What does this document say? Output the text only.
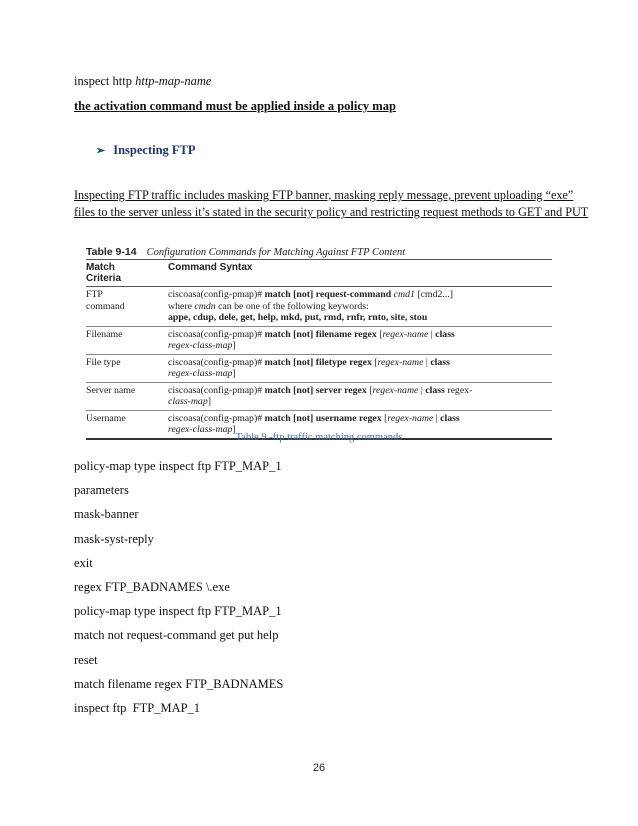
inspect http http-map-name
the activation command must be applied inside a policy map
➢ Inspecting FTP
Inspecting FTP traffic includes masking FTP banner, masking reply message, prevent uploading “exe”
files to the server unless it’s stated in the security policy and restricting request methods to GET and PUT
Table 9-14 Configuration Commands for Matching Against FTP Content
Match
Criteria	Command Syntax
FTP
command	ciscoasa(config-pmap)# match [not] request-command cmd1 [cmd2...]
where cmdn can be one of the following keywords:
appe, cdup, dele, get, help, mkd, put, rmd, rnfr, rnto, site, stou
Filename	ciscoasa(config-pmap)# match [not] filename regex [regex-name | class
regex-class-map]
File type	ciscoasa(config-pmap)# match [not] filetype regex [regex-name | class
regex-class-map]
Server name	ciscoasa(config-pmap)# match [not] server regex [regex-name | class regex-
class-map]
Username	ciscoasa(config-pmap)# match [not] username regex [regex-name | class
regex-class-map]
Table 9 -ftp traffic matching commands
policy-map type inspect ftp FTP_MAP_1
parameters
mask-banner
mask-syst-reply
exit
regex FTP_BADNAMES \.exe
policy-map type inspect ftp FTP_MAP_1
match not request-command get put help
reset
match filename regex FTP_BADNAMES
inspect ftp  FTP_MAP_1
26
